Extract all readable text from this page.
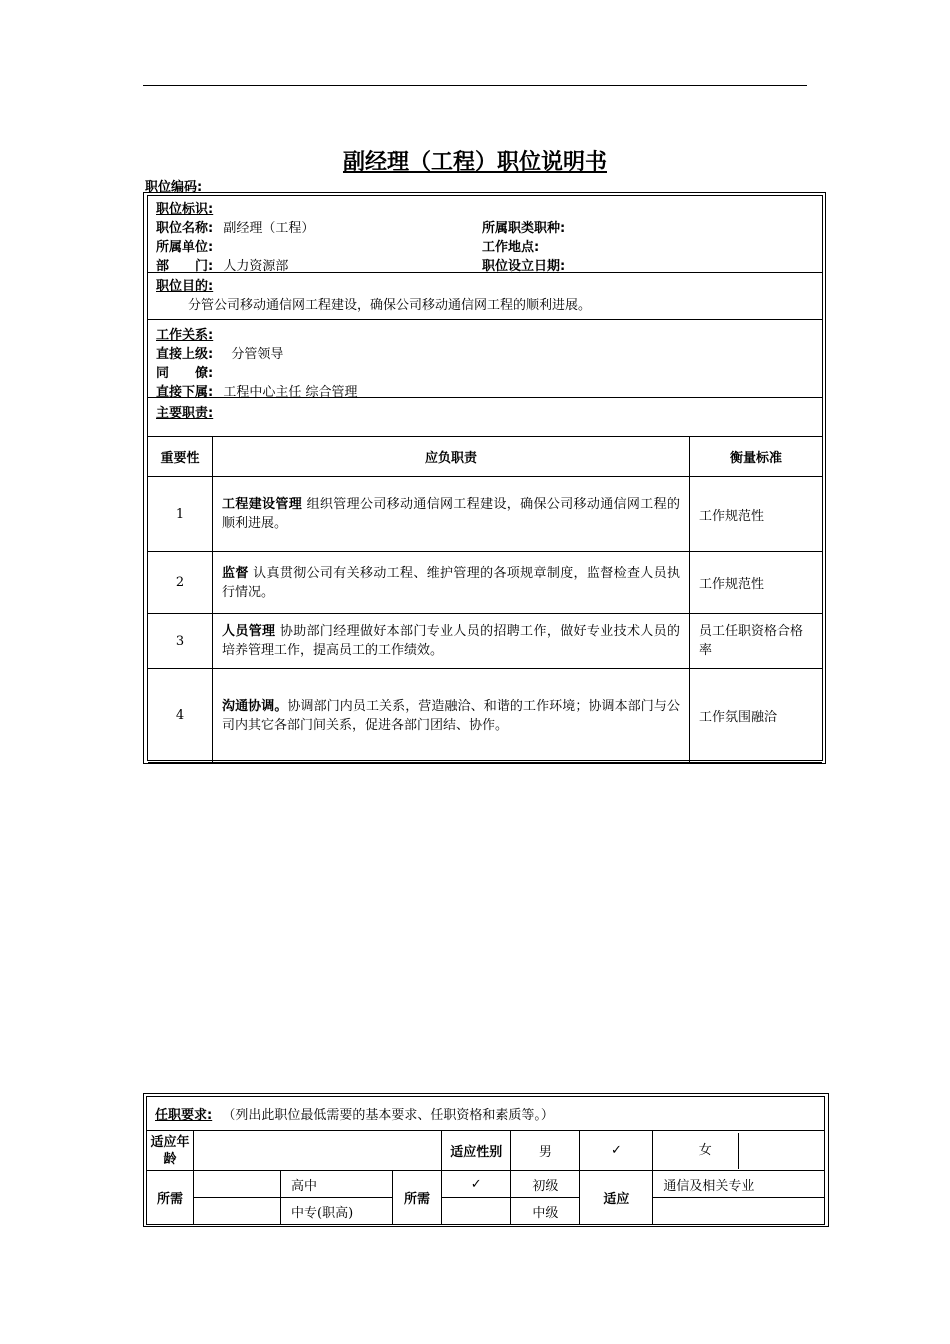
副经理（工程）职位说明书
职位编码:
职位标识:
职位名称: 副经理（工程）	所属职类职种:
所属单位:	工作地点:
部　　门: 人力资源部	职位设立日期:
职位目的:
分管公司移动通信网工程建设，确保公司移动通信网工程的顺利进展。
工作关系:
直接上级: 分管领导
同　　僚:
直接下属: 工程中心主任 综合管理
主要职责:
重要性	应负职责	衡量标准
1	工程建设管理 组织管理公司移动通信网工程建设，确保公司移动通信网工程的顺利进展。	工作规范性
2	监督 认真贯彻公司有关移动工程、维护管理的各项规章制度，监督检查人员执行情况。	工作规范性
3	人员管理 协助部门经理做好本部门专业人员的招聘工作，做好专业技术人员的培养管理工作，提高员工的工作绩效。	员工任职资格合格率
4	沟通协调。协调部门内员工关系，营造融洽、和谐的工作环境；协调本部门与公司内其它各部门间关系，促进各部门团结、协作。	工作氛围融洽
任职要求: （列出此职位最低需要的基本要求、任职资格和素质等。）							
适应年龄				适应性别	男	✓	女
所需		高中	所需	✓	初级	适应	通信及相关专业
		中专(职高)			中级		
